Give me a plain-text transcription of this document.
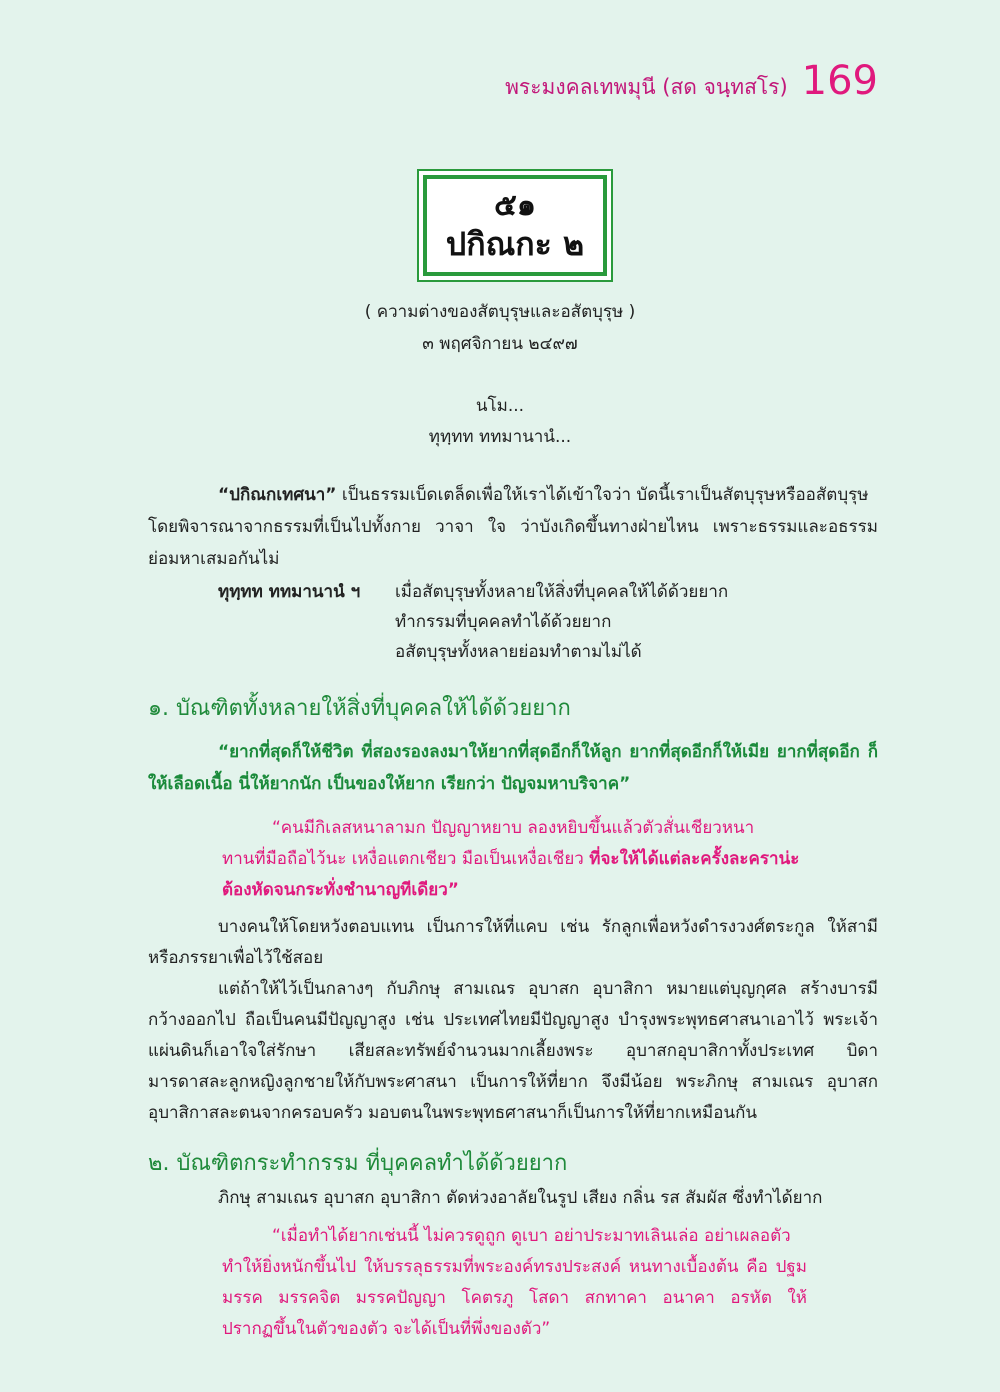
พระมงคลเทพมุนี (สด จนฺทสโร) 169
๕๑
ปกิณกะ ๒
( ความต่างของสัตบุรุษและอสัตบุรุษ )
๓ พฤศจิกายน ๒๔๙๗
นโม...
ทุทฺทท ททมานานํ...
“ปกิณกเทศนา” เป็นธรรมเบ็ดเตล็ดเพื่อให้เราได้เข้าใจว่า บัดนี้เราเป็นสัตบุรุษหรืออสัตบุรุษ
โดยพิจารณาจากธรรมที่เป็นไปทั้งกาย วาจา ใจ ว่าบังเกิดขึ้นทางฝ่ายไหน เพราะธรรมและอธรรม
ย่อมหาเสมอกันไม่
ทุทฺทท ททมานานํ ฯ เมื่อสัตบุรุษทั้งหลายให้สิ่งที่บุคคลให้ได้ด้วยยาก
ทำกรรมที่บุคคลทำได้ด้วยยาก
อสัตบุรุษทั้งหลายย่อมทำตามไม่ได้
๑. บัณฑิตทั้งหลายให้สิ่งที่บุคคลให้ได้ด้วยยาก
“ยากที่สุดก็ให้ชีวิต ที่สองรองลงมาให้ยากที่สุดอีกก็ให้ลูก ยากที่สุดอีกก็ให้เมีย ยากที่สุดอีก ก็
ให้เลือดเนื้อ นี่ให้ยากนัก เป็นของให้ยาก เรียกว่า ปัญจมหาบริจาค”
“คนมีกิเลสหนาลามก ปัญญาหยาบ ลองหยิบขึ้นแล้วตัวสั่นเชียวหนา
ทานที่มือถือไว้นะ เหงื่อแตกเชียว มือเป็นเหงื่อเชียว ที่จะให้ได้แต่ละครั้งละคราน่ะ
ต้องหัดจนกระทั่งชำนาญทีเดียว”
บางคนให้โดยหวังตอบแทน เป็นการให้ที่แคบ เช่น รักลูกเพื่อหวังดำรงวงศ์ตระกูล ให้สามี
หรือภรรยาเพื่อไว้ใช้สอย
แต่ถ้าให้ไว้เป็นกลางๆ กับภิกษุ สามเณร อุบาสก อุบาสิกา หมายแต่บุญกุศล สร้างบารมี
กว้างออกไป ถือเป็นคนมีปัญญาสูง เช่น ประเทศไทยมีปัญญาสูง บำรุงพระพุทธศาสนาเอาไว้ พระเจ้า
แผ่นดินก็เอาใจใส่รักษา เสียสละทรัพย์จำนวนมากเลี้ยงพระ อุบาสกอุบาสิกาทั้งประเทศ บิดา
มารดาสละลูกหญิงลูกชายให้กับพระศาสนา เป็นการให้ที่ยาก จึงมีน้อย พระภิกษุ สามเณร อุบาสก
อุบาสิกาสละตนจากครอบครัว มอบตนในพระพุทธศาสนาก็เป็นการให้ที่ยากเหมือนกัน
๒. บัณฑิตกระทำกรรม ที่บุคคลทำได้ด้วยยาก
ภิกษุ สามเณร อุบาสก อุบาสิกา ตัดห่วงอาลัยในรูป เสียง กลิ่น รส สัมผัส ซึ่งทำได้ยาก
“เมื่อทำได้ยากเช่นนี้ ไม่ควรดูถูก ดูเบา อย่าประมาทเลินเล่อ อย่าเผลอตัว
ทำให้ยิ่งหนักขึ้นไป ให้บรรลุธรรมที่พระองค์ทรงประสงค์ หนทางเบื้องต้น คือ ปฐม
มรรค มรรคจิต มรรคปัญญา โคตรภู โสดา สกทาคา อนาคา อรหัต ให้
ปรากฏขึ้นในตัวของตัว จะได้เป็นที่พึ่งของตัว”
